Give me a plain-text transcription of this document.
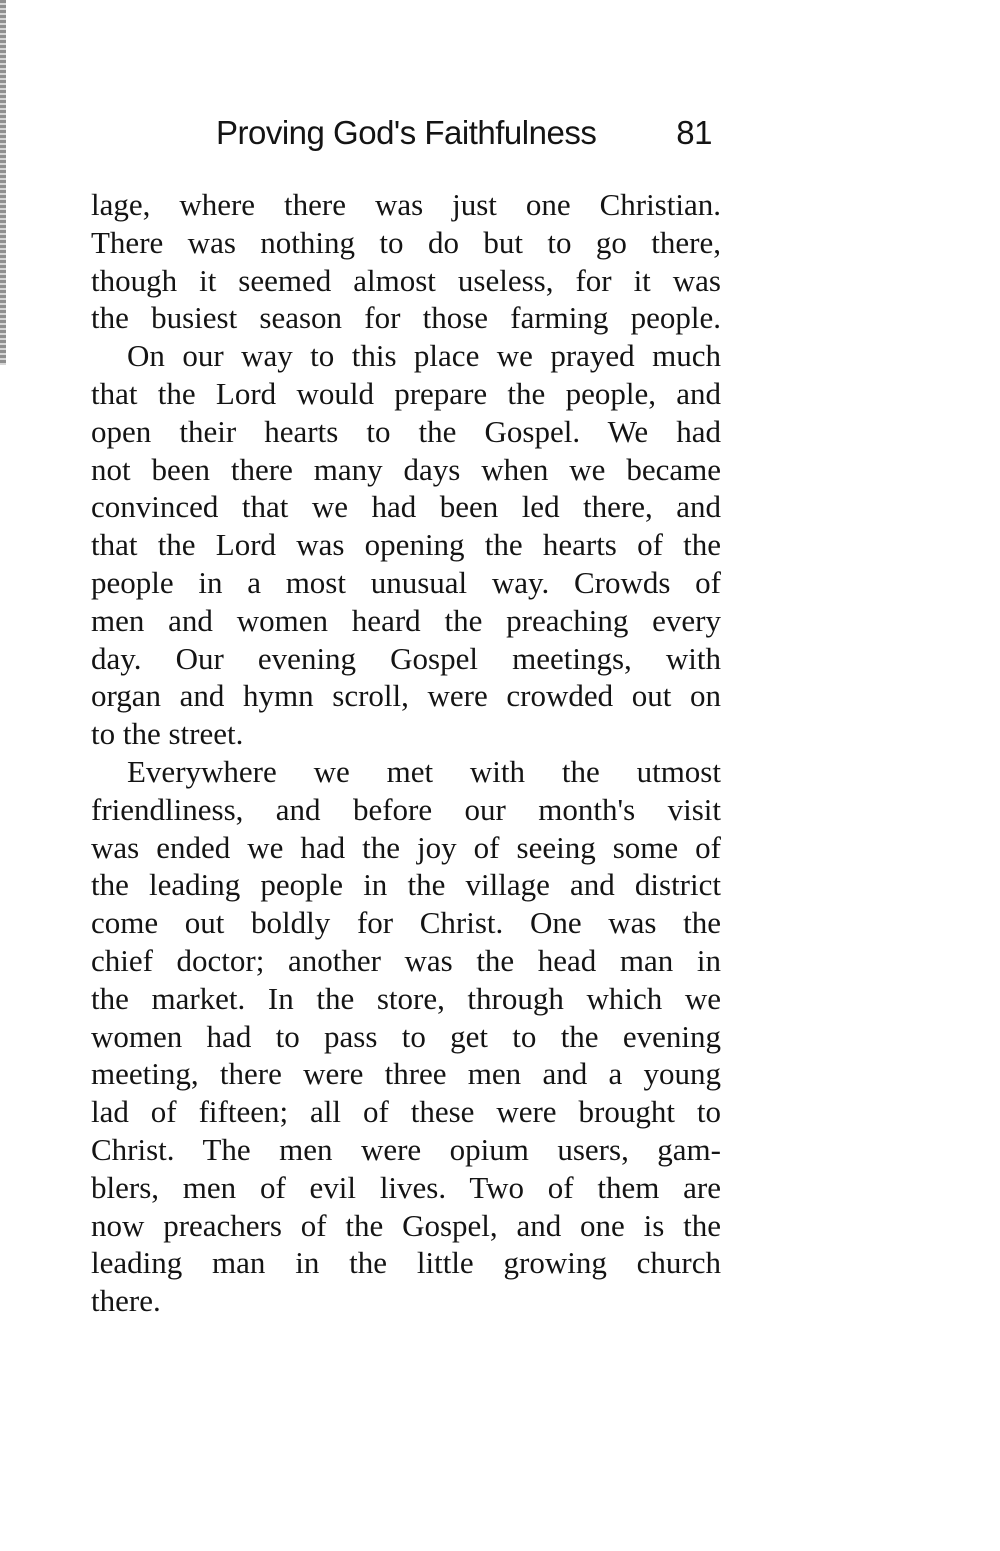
Proving God's Faithfulness 81
lage, where there was just one Christian.
There was nothing to do but to go there,
though it seemed almost useless, for it was
the busiest season for those farming people.
On our way to this place we prayed much
that the Lord would prepare the people, and
open their hearts to the Gospel. We had
not been there many days when we became
convinced that we had been led there, and
that the Lord was opening the hearts of the
people in a most unusual way. Crowds of
men and women heard the preaching every
day. Our evening Gospel meetings, with
organ and hymn scroll, were crowded out on
to the street.
Everywhere we met with the utmost
friendliness, and before our month's visit
was ended we had the joy of seeing some of
the leading people in the village and district
come out boldly for Christ. One was the
chief doctor; another was the head man in
the market. In the store, through which we
women had to pass to get to the evening
meeting, there were three men and a young
lad of fifteen; all of these were brought to
Christ. The men were opium users, gam-
blers, men of evil lives. Two of them are
now preachers of the Gospel, and one is the
leading man in the little growing church
there.
